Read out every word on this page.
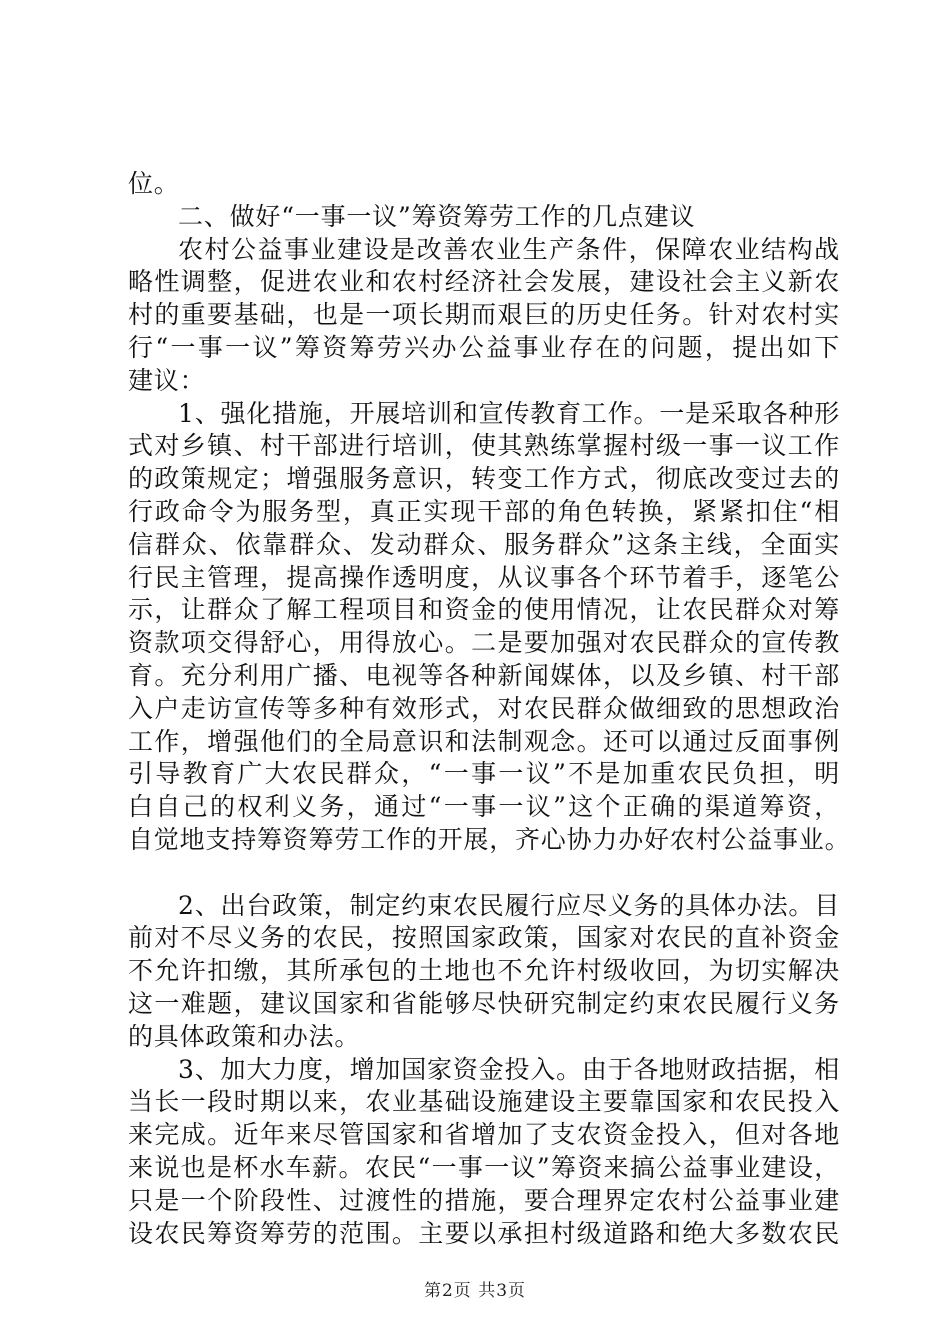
位。
二、做好“一事一议”筹资筹劳工作的几点建议
农村公益事业建设是改善农业生产条件，保障农业结构战
略性调整，促进农业和农村经济社会发展，建设社会主义新农
村的重要基础，也是一项长期而艰巨的历史任务。针对农村实
行“一事一议”筹资筹劳兴办公益事业存在的问题，提出如下
建议：
1、强化措施，开展培训和宣传教育工作。一是采取各种形
式对乡镇、村干部进行培训，使其熟练掌握村级一事一议工作
的政策规定；增强服务意识，转变工作方式，彻底改变过去的
行政命令为服务型，真正实现干部的角色转换，紧紧扣住“相
信群众、依靠群众、发动群众、服务群众”这条主线，全面实
行民主管理，提高操作透明度，从议事各个环节着手，逐笔公
示，让群众了解工程项目和资金的使用情况，让农民群众对筹
资款项交得舒心，用得放心。二是要加强对农民群众的宣传教
育。充分利用广播、电视等各种新闻媒体，以及乡镇、村干部
入户走访宣传等多种有效形式，对农民群众做细致的思想政治
工作，增强他们的全局意识和法制观念。还可以通过反面事例
引导教育广大农民群众，“一事一议”不是加重农民负担，明
白自己的权利义务，通过“一事一议”这个正确的渠道筹资，
自觉地支持筹资筹劳工作的开展，齐心协力办好农村公益事业。
2、出台政策，制定约束农民履行应尽义务的具体办法。目
前对不尽义务的农民，按照国家政策，国家对农民的直补资金
不允许扣缴，其所承包的土地也不允许村级收回，为切实解决
这一难题，建议国家和省能够尽快研究制定约束农民履行义务
的具体政策和办法。
3、加大力度，增加国家资金投入。由于各地财政拮据，相
当长一段时期以来，农业基础设施建设主要靠国家和农民投入
来完成。近年来尽管国家和省增加了支农资金投入，但对各地
来说也是杯水车薪。农民“一事一议”筹资来搞公益事业建设，
只是一个阶段性、过渡性的措施，要合理界定农村公益事业建
设农民筹资筹劳的范围。主要以承担村级道路和绝大多数农民
第2页 共3页
